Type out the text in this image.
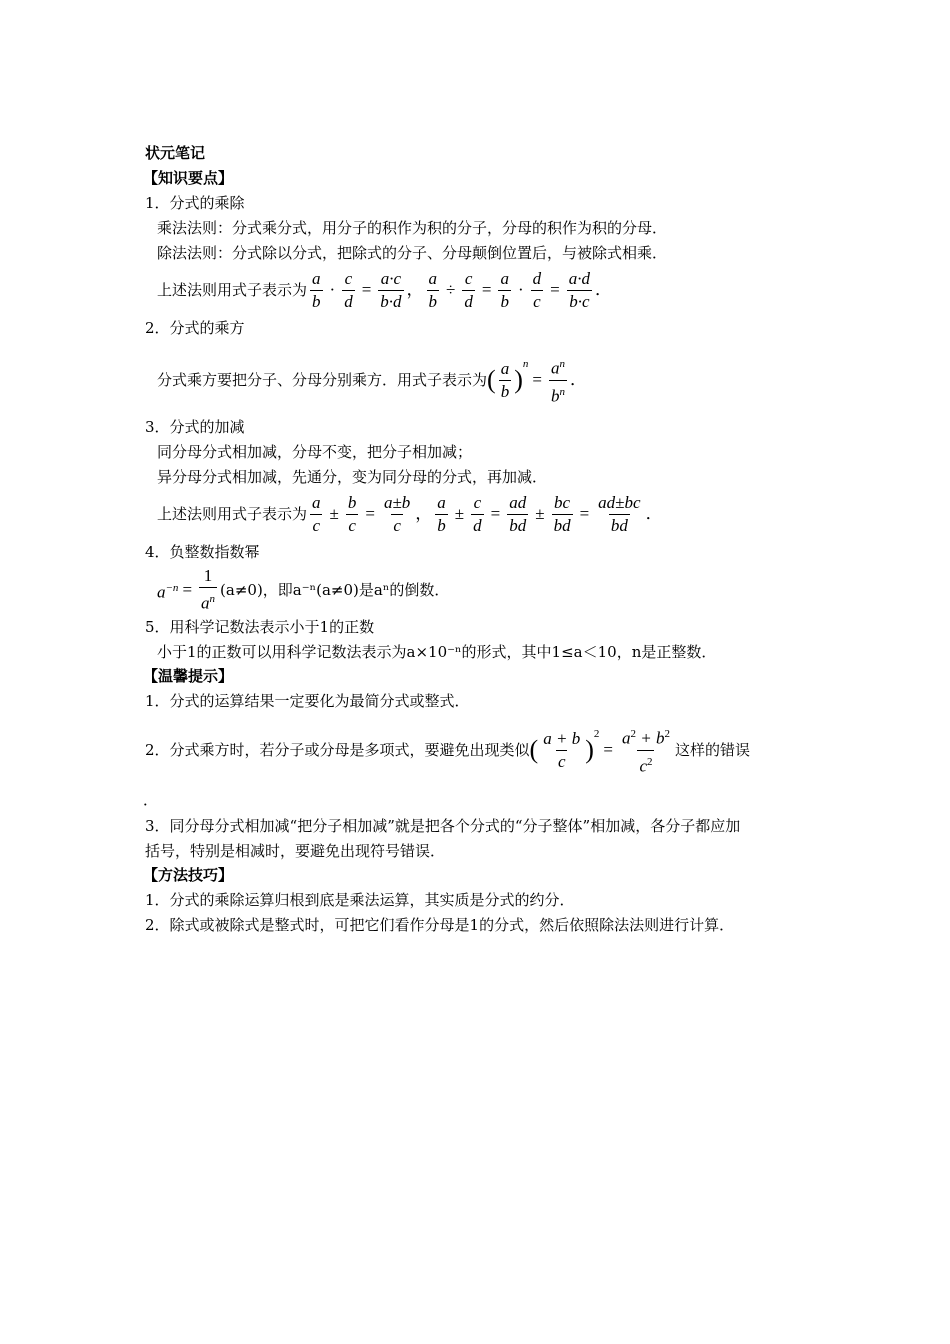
状元笔记
【知识要点】
1．分式的乘除
乘法法则：分式乘分式，用分子的积作为积的分子，分母的积作为积的分母．
除法法则：分式除以分式，把除式的分子、分母颠倒位置后，与被除式相乘．
上述法则用式子表示为 $\frac{a}{b} \cdot \frac{c}{d} = \frac{a\cdot c}{b\cdot d}$ ， $\frac{a}{b} \div \frac{c}{d} = \frac{a}{b} \cdot \frac{d}{c} = \frac{a\cdot d}{b\cdot c}$ ．
2．分式的乘方
分式乘方要把分子、分母分别乘方．用式子表示为 ( $\frac{a}{b}$ )
n
= $\frac{a^n}{b^n}$ ．
3．分式的加减
同分母分式相加减，分母不变，把分子相加减；
异分母分式相加减，先通分，变为同分母的分式，再加减．
上述法则用式子表示为 $\frac{a}{c} \pm \frac{b}{c} = \frac{a\pm b}{c}$ ， $\frac{a}{b} \pm \frac{c}{d} = \frac{ad}{bd} \pm \frac{bc}{bd} = \frac{ad\pm bc}{bd}$ ．
4．负整数指数幂
$a^{-n} = \frac{1}{a^n} (a\ne 0)$，即a⁻ⁿ(a≠0)是aⁿ的倒数．
5．用科学记数法表示小于1的正数
小于1的正数可以用科学记数法表示为a×10⁻ⁿ的形式，其中1≤a＜10，n是正整数．
【温馨提示】
1．分式的运算结果一定要化为最简分式或整式．
2．分式乘方时，若分子或分母是多项式，要避免出现类似 ( $\frac{a + b}{c}$ )
2
= $\frac{a^2 + b^2}{c^2}$ 这样的错误
．
3．同分母分式相加减“把分子相加减”就是把各个分式的“分子整体”相加减，各分子都应加
括号，特别是相减时，要避免出现符号错误．
【方法技巧】
1．分式的乘除运算归根到底是乘法运算，其实质是分式的约分．
2．除式或被除式是整式时，可把它们看作分母是1的分式，然后依照除法法则进行计算．
